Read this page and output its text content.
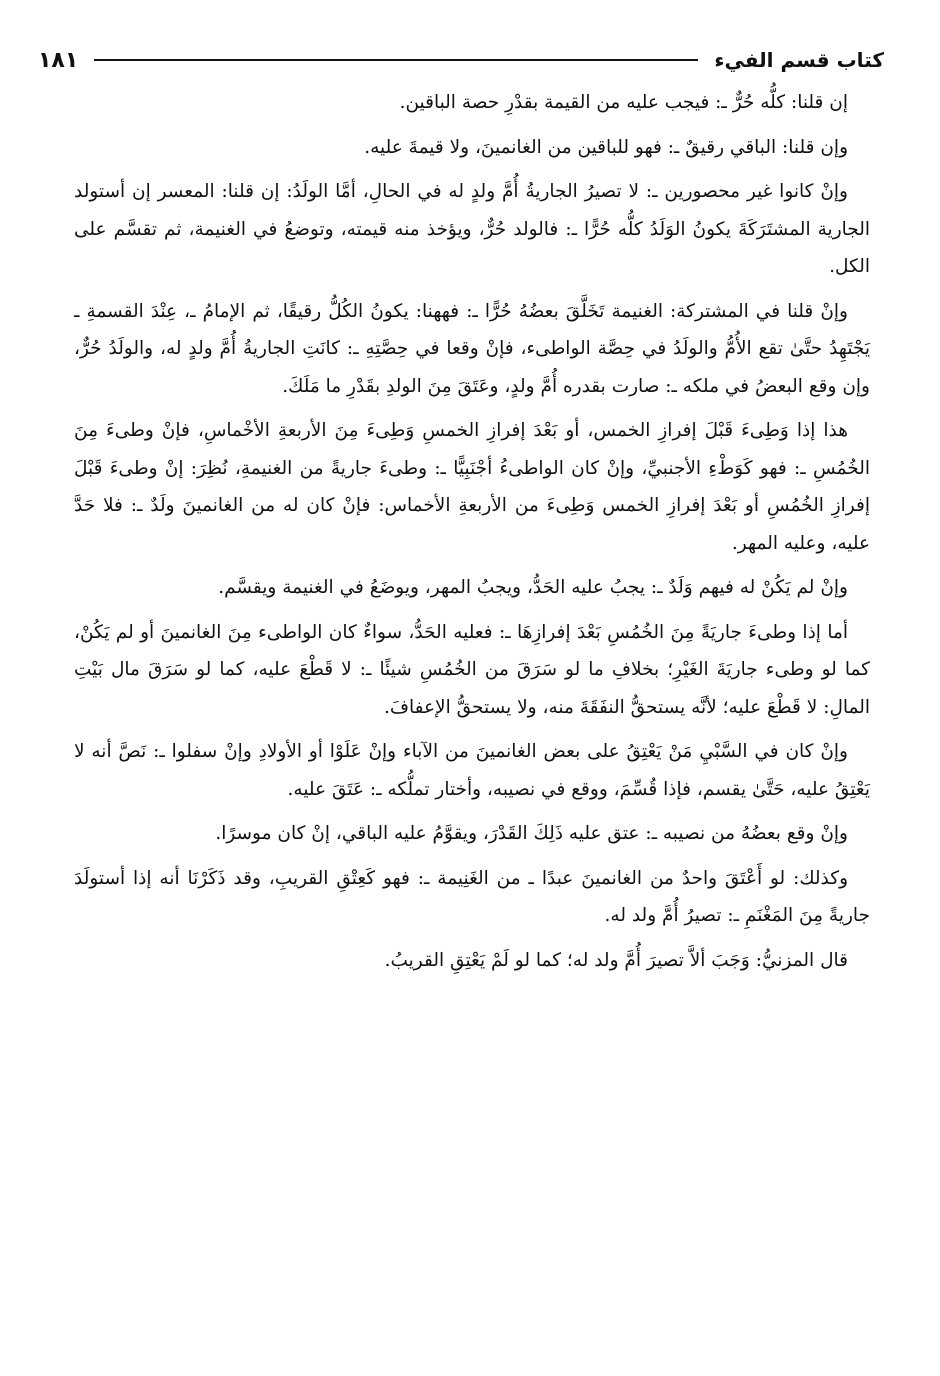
كتاب قسم الفيء
١٨١

إن قلنا: كلُّه حُرٌّ ـ: فيجب عليه من القيمة بقدْرِ حصة الباقين.

وإن قلنا: الباقي رقيقٌ ـ: فهو للباقين من الغانمينَ، ولا قيمةَ عليه.

وإنْ كانوا غير محصورين ـ: لا تصيرُ الجاريةُ أُمَّ ولدٍ له في الحالِ، أمَّا الولَدُ: إن قلنا: المعسر إن أستولد الجارية المشتَرَكَةَ يكونُ الوَلَدُ كلُّه حُرًّا ـ: فالولد حُرٌّ، ويؤخذ منه قيمته، وتوضعُ في الغنيمة، ثم تقسَّم على الكل.

وإنْ قلنا في المشتركة: الغنيمة تَخَلَّقَ بعضُهُ حُرًّا ـ: فههنا: يكونُ الكُلُّ رقيقًا، ثم الإمامُ ـ، عِنْدَ القسمةِ ـ يَجْتَهِدُ حتَّىٰ تقع الأُمُّ والولَدُ في حِصَّة الواطىء، فإنْ وقعا في حِصَّتِهِ ـ: كانَتِ الجاريةُ أُمَّ ولدٍ له، والولَدُ حُرٌّ، وإن وقع البعضُ في ملكه ـ: صارت بقدره أُمَّ ولدٍ، وعَتَقَ مِنَ الولدِ بقَدْرِ ما مَلَكَ.

هذا إذا وَطِىءَ قَبْلَ إفرازِ الخمس، أو بَعْدَ إفرازِ الخمسِ وَطِىءَ مِنَ الأربعةِ الأخْماسِ، فإنْ وطىءَ مِنَ الخُمُسِ ـ: فهو كَوَطْءِ الأجنبيِّ، وإنْ كان الواطىءُ أجْنَبِيًّا ـ: وطىءَ جاريةً من الغنيمةِ، نُظِرَ: إنْ وطىءَ قَبْلَ إفرازِ الخُمُسِ أو بَعْدَ إفرازِ الخمس وَطِىءَ من الأربعةِ الأخماس: فإنْ كان له من الغانمينَ ولَدٌ ـ: فلا حَدَّ عليه، وعليه المهر.

وإنْ لم يَكُنْ له فيهم وَلَدٌ ـ: يجبُ عليه الحَدُّ، ويجبُ المهر، ويوضَعُ في الغنيمة ويقسَّم.

أما إذا وطىءَ جاريَةً مِنَ الخُمُسِ بَعْدَ إفرازِهَا ـ: فعليه الحَدُّ، سواءٌ كان الواطىء مِنَ الغانمينَ أو لم يَكُنْ، كما لو وطىء جاريَةَ الغَيْرِ؛ بخلافِ ما لو سَرَقَ من الخُمُسِ شيئًا ـ: لا قَطْعَ عليه، كما لو سَرَقَ مال بَيْتِ المالِ: لا قَطْعَ عليه؛ لأنَّه يستحقُّ النفَقَةَ منه، ولا يستحقُّ الإعفافَ.

وإنْ كان في السَّبْيِ مَنْ يَعْتِقُ على بعض الغانمينَ من الآباء وإنْ عَلَوْا أو الأولادِ وإنْ سفلوا ـ: نَصَّ أنه لا يَعْتِقُ عليه، حَتَّىٰ يقسم، فإذا قُسِّمَ، ووقع في نصيبه، وأختار تملُّكه ـ: عَتَقَ عليه.

وإنْ وقع بعضُهُ من نصيبه ـ: عتق عليه ذَلِكَ القَدْرَ، ويقوَّمُ عليه الباقي، إنْ كان موسرًا.

وكذلك: لو أَعْتَقَ واحدٌ من الغانمينَ عبدًا ـ من الغَنِيمة ـ: فهو كَعِتْقِ القريبِ، وقد ذَكَرْنَا أنه إذا أستولَدَ جاريةً مِنَ المَغْنَمِ ـ: تصيرُ أُمَّ ولد له.

قال المزنيُّ: وَجَبَ ألاَّ تصيرَ أُمَّ ولد له؛ كما لو لَمْ يَعْتِقِ القريبُ.
